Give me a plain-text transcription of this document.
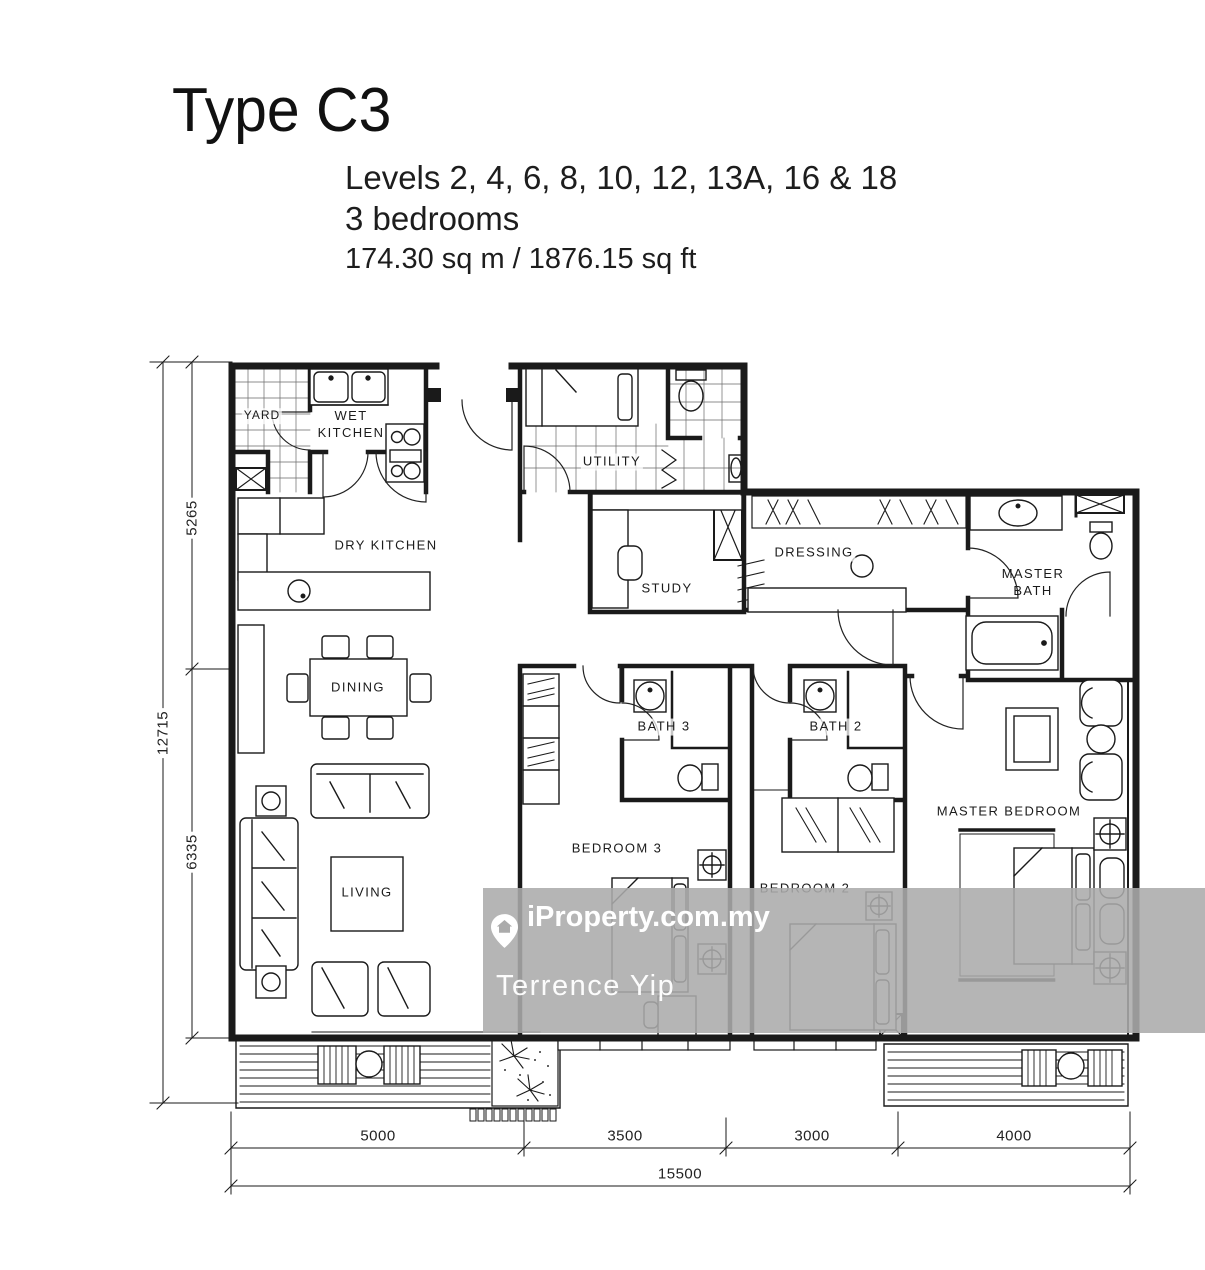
Type C3
Levels 2, 4, 6, 8, 10, 12, 13A, 16 & 18
3 bedrooms
174.30 sq m / 1876.15 sq ft
YARD	WET KITCHEN
UTILITY
DRY KITCHEN
STUDY
DRESSING
MASTER BATH
DINING
BATH 3	BATH 2
LIVING
BEDROOM 3
MASTER BEDROOM
12715
5265
6335
5000	3500	3000	4000
15500
iProperty.com.my
Terrence Yip
